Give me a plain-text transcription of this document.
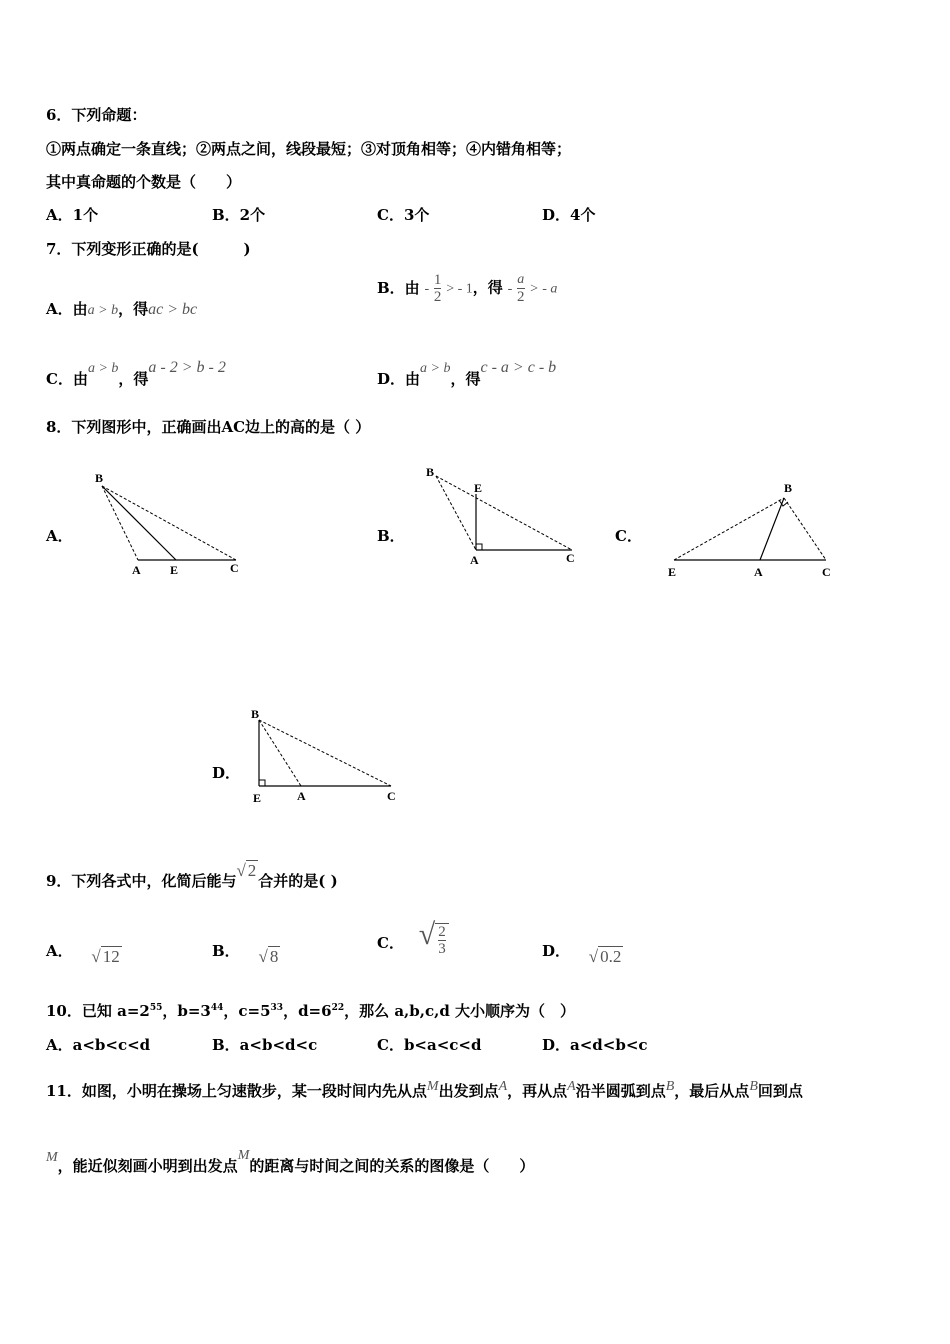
6．下列命题：
①两点确定一条直线；②两点之间，线段最短；③对顶角相等；④内错角相等；
其中真命题的个数是（　　）
A．1个	B．2个	C．3个	D．4个
7．下列变形正确的是(　　　)
A．由a > b，得ac > bc
B．由 - $\frac{1}{2}$ > - 1，得 - $\frac{a}{2}$ > - a
C．由a > b，得a - 2 > b - 2
D．由a > b，得c - a > c - b
8．下列图形中，正确画出AC边上的高的是（ ）
A．
B
A E	C
B．
B
E
A	C
C．
B
E	A	C
D．
B
E	A	C
9．下列各式中，化简后能与√ 2合并的是( )
A． √ 12	B． √ 8
C． √ $\frac{2}{3}$	D． √ 0.2
10．已知 $a=2^{55}$，$b=3^{44}$，$c=5^{33}$，$d=6^{22}$，那么 a,b,c,d 大小顺序为（　）
A．a<b<c<d	B．a<b<d<c	C．b<a<c<d	D．a<d<b<c
11．如图，小明在操场上匀速散步，某一段时间内先从点M出发到点A，再从点A沿半圆弧到点B，最后从点B回到点
M，能近似刻画小明到出发点M的距离与时间之间的关系的图像是（　　）
